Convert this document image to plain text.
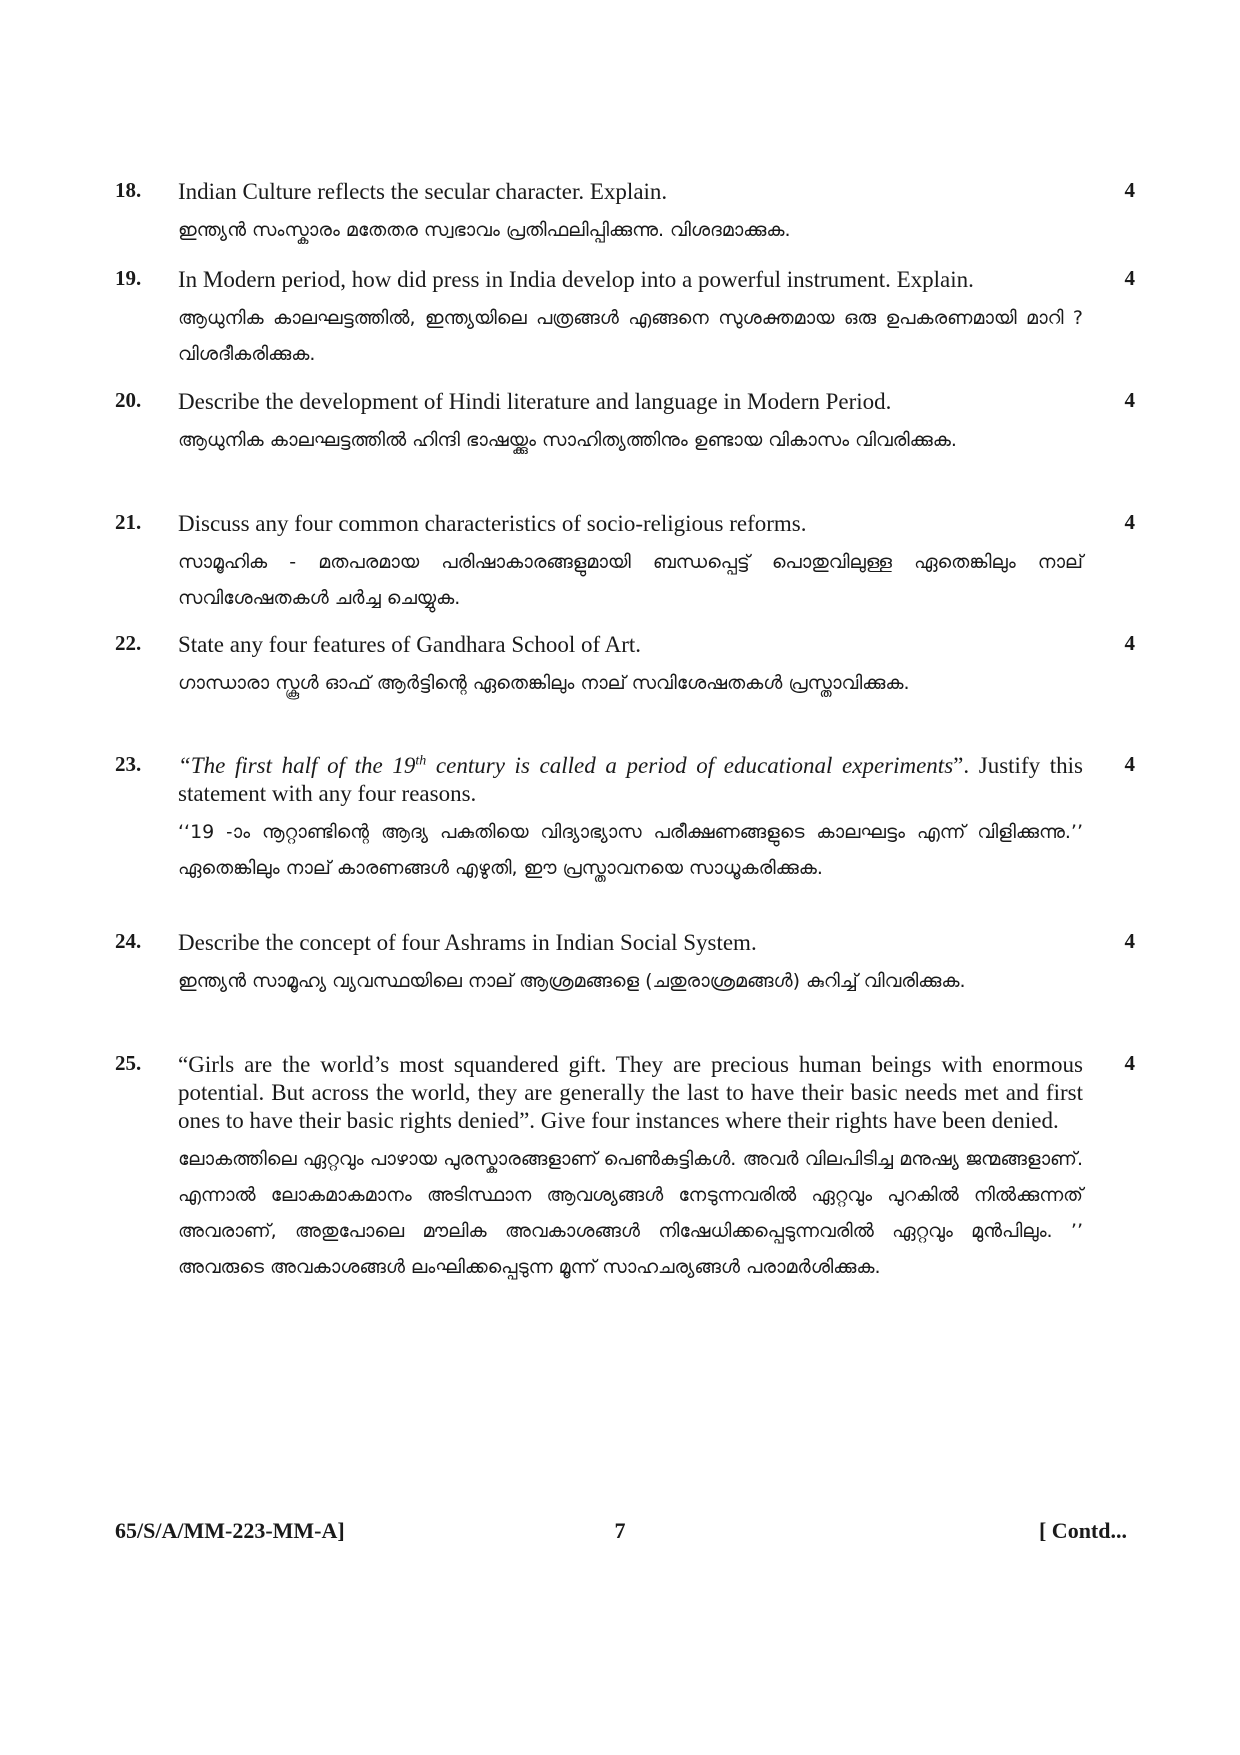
18.	Indian Culture reflects the secular character. Explain.

ഇന്ത്യൻ സംസ്കാരം മതേതര സ്വഭാവം പ്രതിഫലിപ്പിക്കുന്നു. വിശദമാക്കുക.

4
19.	In Modern period, how did press in India develop into a powerful instrument. Explain.

ആധുനിക കാലഘട്ടത്തിൽ, ഇന്ത്യയിലെ പത്രങ്ങൾ എങ്ങനെ സുശക്തമായ ഒരു ഉപകരണമായി മാറി ? വിശദീകരിക്കുക.

4
20.	Describe the development of Hindi literature and language in Modern Period.

ആധുനിക കാലഘട്ടത്തിൽ ഹിന്ദി ഭാഷയ്ക്കും സാഹിത്യത്തിനും ഉണ്ടായ വികാസം വിവരിക്കുക.

4
21.	Discuss any four common characteristics of socio-religious reforms.

സാമൂഹിക - മതപരമായ പരിഷാകാരങ്ങളുമായി ബന്ധപ്പെട്ട് പൊതുവിലുള്ള ഏതെങ്കിലും നാല് സവിശേഷതകൾ ചർച്ച ചെയ്യുക.

4
22.	State any four features of Gandhara School of Art.

ഗാന്ധാരാ സ്കൂൾ ഓഫ് ആർട്ടിന്റെ ഏതെങ്കിലും നാല് സവിശേഷതകൾ പ്രസ്താവിക്കുക.

4
23.	“The first half of the 19th century is called a period of educational experiments”. Justify this statement with any four reasons.

‘‘19 -ാം നൂറ്റാണ്ടിന്റെ ആദ്യ പകുതിയെ വിദ്യാഭ്യാസ പരീക്ഷണങ്ങളുടെ കാലഘട്ടം എന്ന് വിളിക്കുന്നു.’’ ഏതെങ്കിലും നാല് കാരണങ്ങൾ എഴുതി, ഈ പ്രസ്താവനയെ സാധൂകരിക്കുക.

4
24.	Describe the concept of four Ashrams in Indian Social System.

ഇന്ത്യൻ സാമൂഹ്യ വ്യവസ്ഥയിലെ നാല് ആശ്രമങ്ങളെ (ചതുരാശ്രമങ്ങൾ) കുറിച്ച് വിവരിക്കുക.

4
25.	“Girls are the world’s most squandered gift. They are precious human beings with enormous potential. But across the world, they are generally the last to have their basic needs met and first ones to have their basic rights denied”. Give four instances where their rights have been denied.

ലോകത്തിലെ ഏറ്റവും പാഴായ പുരസ്കാരങ്ങളാണ് പെൺകുട്ടികൾ. അവർ വിലപിടിച്ച മനുഷ്യ ജന്മങ്ങളാണ്. എന്നാൽ ലോകമാകമാനം അടിസ്ഥാന ആവശ്യങ്ങൾ നേടുന്നവരിൽ ഏറ്റവും പുറകിൽ നിൽക്കുന്നത് അവരാണ്, അതുപോലെ മൗലിക അവകാശങ്ങൾ നിഷേധിക്കപ്പെടുന്നവരിൽ ഏറ്റവും മുൻപിലും. ’’ അവരുടെ അവകാശങ്ങൾ ലംഘിക്കപ്പെടുന്ന മൂന്ന് സാഹചര്യങ്ങൾ പരാമർശിക്കുക.

4
65/S/A/MM-223-MM-A]	7	[ Contd...
